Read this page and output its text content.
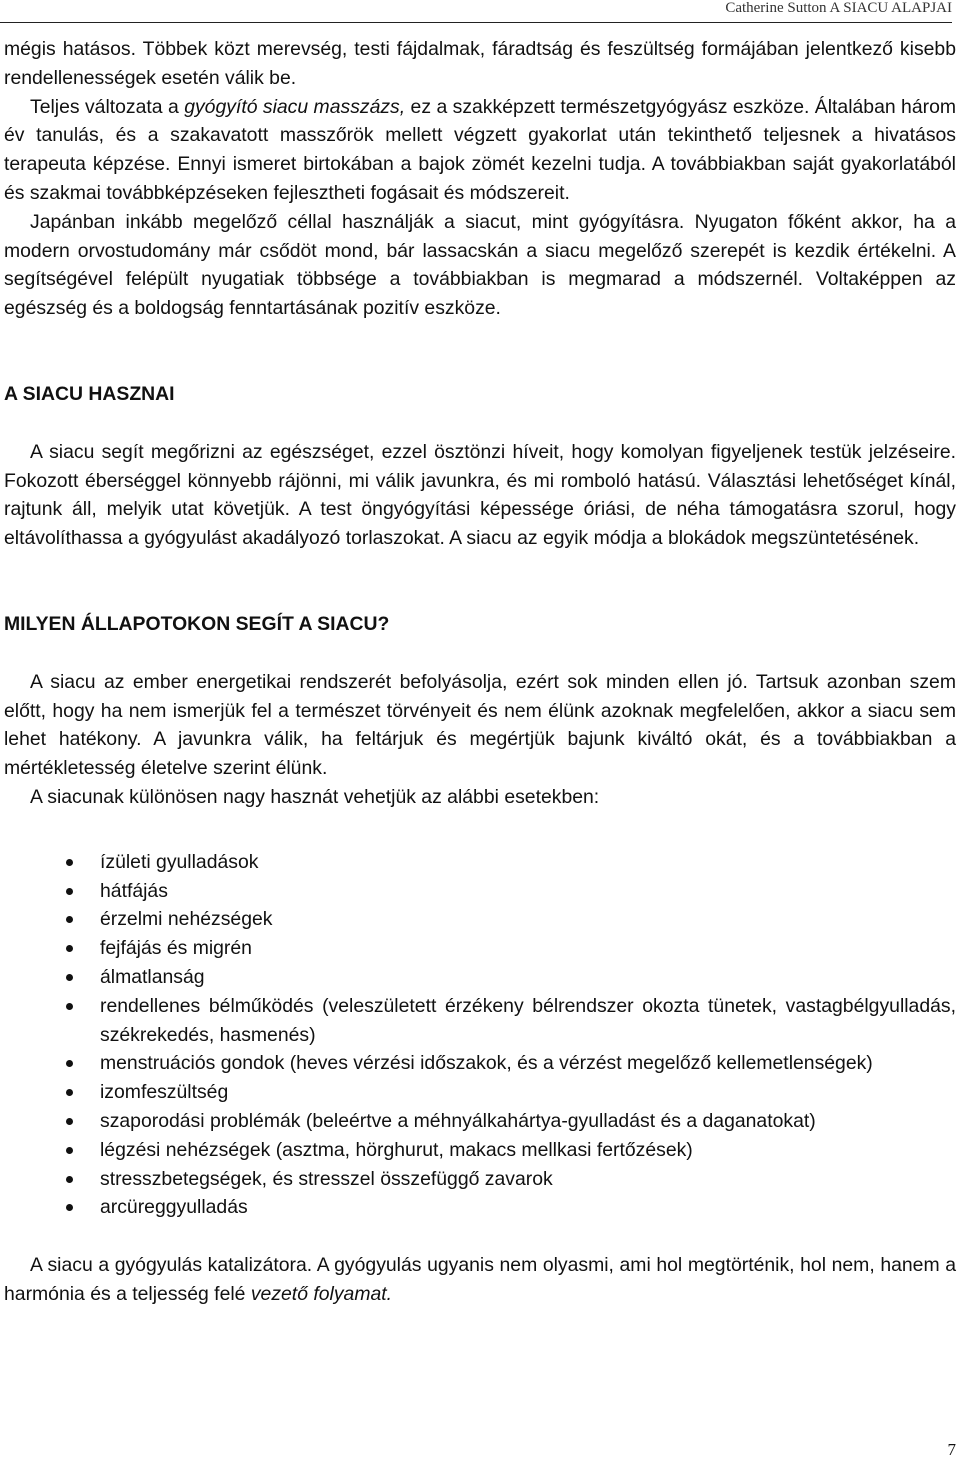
Catherine Sutton A SIACU ALAPJAI

mégis hatásos. Többek közt merevség, testi fájdalmak, fáradtság és feszültség formájában jelentkező kisebb rendellenességek esetén válik be.

Teljes változata a gyógyító siacu masszázs, ez a szakképzett természetgyógyász eszköze. Általában három év tanulás, és a szakavatott masszőrök mellett végzett gyakorlat után tekinthető teljesnek a hivatásos terapeuta képzése. Ennyi ismeret birtokában a bajok zömét kezelni tudja. A továbbiakban saját gyakorlatából és szakmai továbbképzéseken fejlesztheti fogásait és módszereit.

Japánban inkább megelőző céllal használják a siacut, mint gyógyításra. Nyugaton főként akkor, ha a modern orvostudomány már csődöt mond, bár lassacskán a siacu megelőző szerepét is kezdik értékelni. A segítségével felépült nyugatiak többsége a továbbiakban is megmarad a módszernél. Voltaképpen az egészség és a boldogság fenntartásának pozitív eszköze.

A SIACU HASZNAI

A siacu segít megőrizni az egészséget, ezzel ösztönzi híveit, hogy komolyan figyeljenek testük jelzéseire. Fokozott éberséggel könnyebb rájönni, mi válik javunkra, és mi romboló hatású. Választási lehetőséget kínál, rajtunk áll, melyik utat követjük. A test öngyógyítási képessége óriási, de néha támogatásra szorul, hogy eltávolíthassa a gyógyulást akadályozó torlaszokat. A siacu az egyik módja a blokádok megszüntetésének.

MILYEN ÁLLAPOTOKON SEGÍT A SIACU?

A siacu az ember energetikai rendszerét befolyásolja, ezért sok minden ellen jó. Tartsuk azonban szem előtt, hogy ha nem ismerjük fel a természet törvényeit és nem élünk azoknak megfelelően, akkor a siacu sem lehet hatékony. A javunkra válik, ha feltárjuk és megértjük bajunk kiváltó okát, és a továbbiakban a mértékletesség életelve szerint élünk.

A siacunak különösen nagy hasznát vehetjük az alábbi esetekben:

ízületi gyulladások
hátfájás
érzelmi nehézségek
fejfájás és migrén
álmatlanság
rendellenes bélműködés (veleszületett érzékeny bélrendszer okozta tünetek, vastagbélgyulladás, székrekedés, hasmenés)
menstruációs gondok (heves vérzési időszakok, és a vérzést megelőző kellemetlenségek)
izomfeszültség
szaporodási problémák (beleértve a méhnyálkahártya-gyulladást és a daganatokat)
légzési nehézségek (asztma, hörghurut, makacs mellkasi fertőzések)
stresszbetegségek, és stresszel összefüggő zavarok
arcüreggyulladás

A siacu a gyógyulás katalizátora. A gyógyulás ugyanis nem olyasmi, ami hol megtörténik, hol nem, hanem a harmónia és a teljesség felé vezető folyamat.

7
